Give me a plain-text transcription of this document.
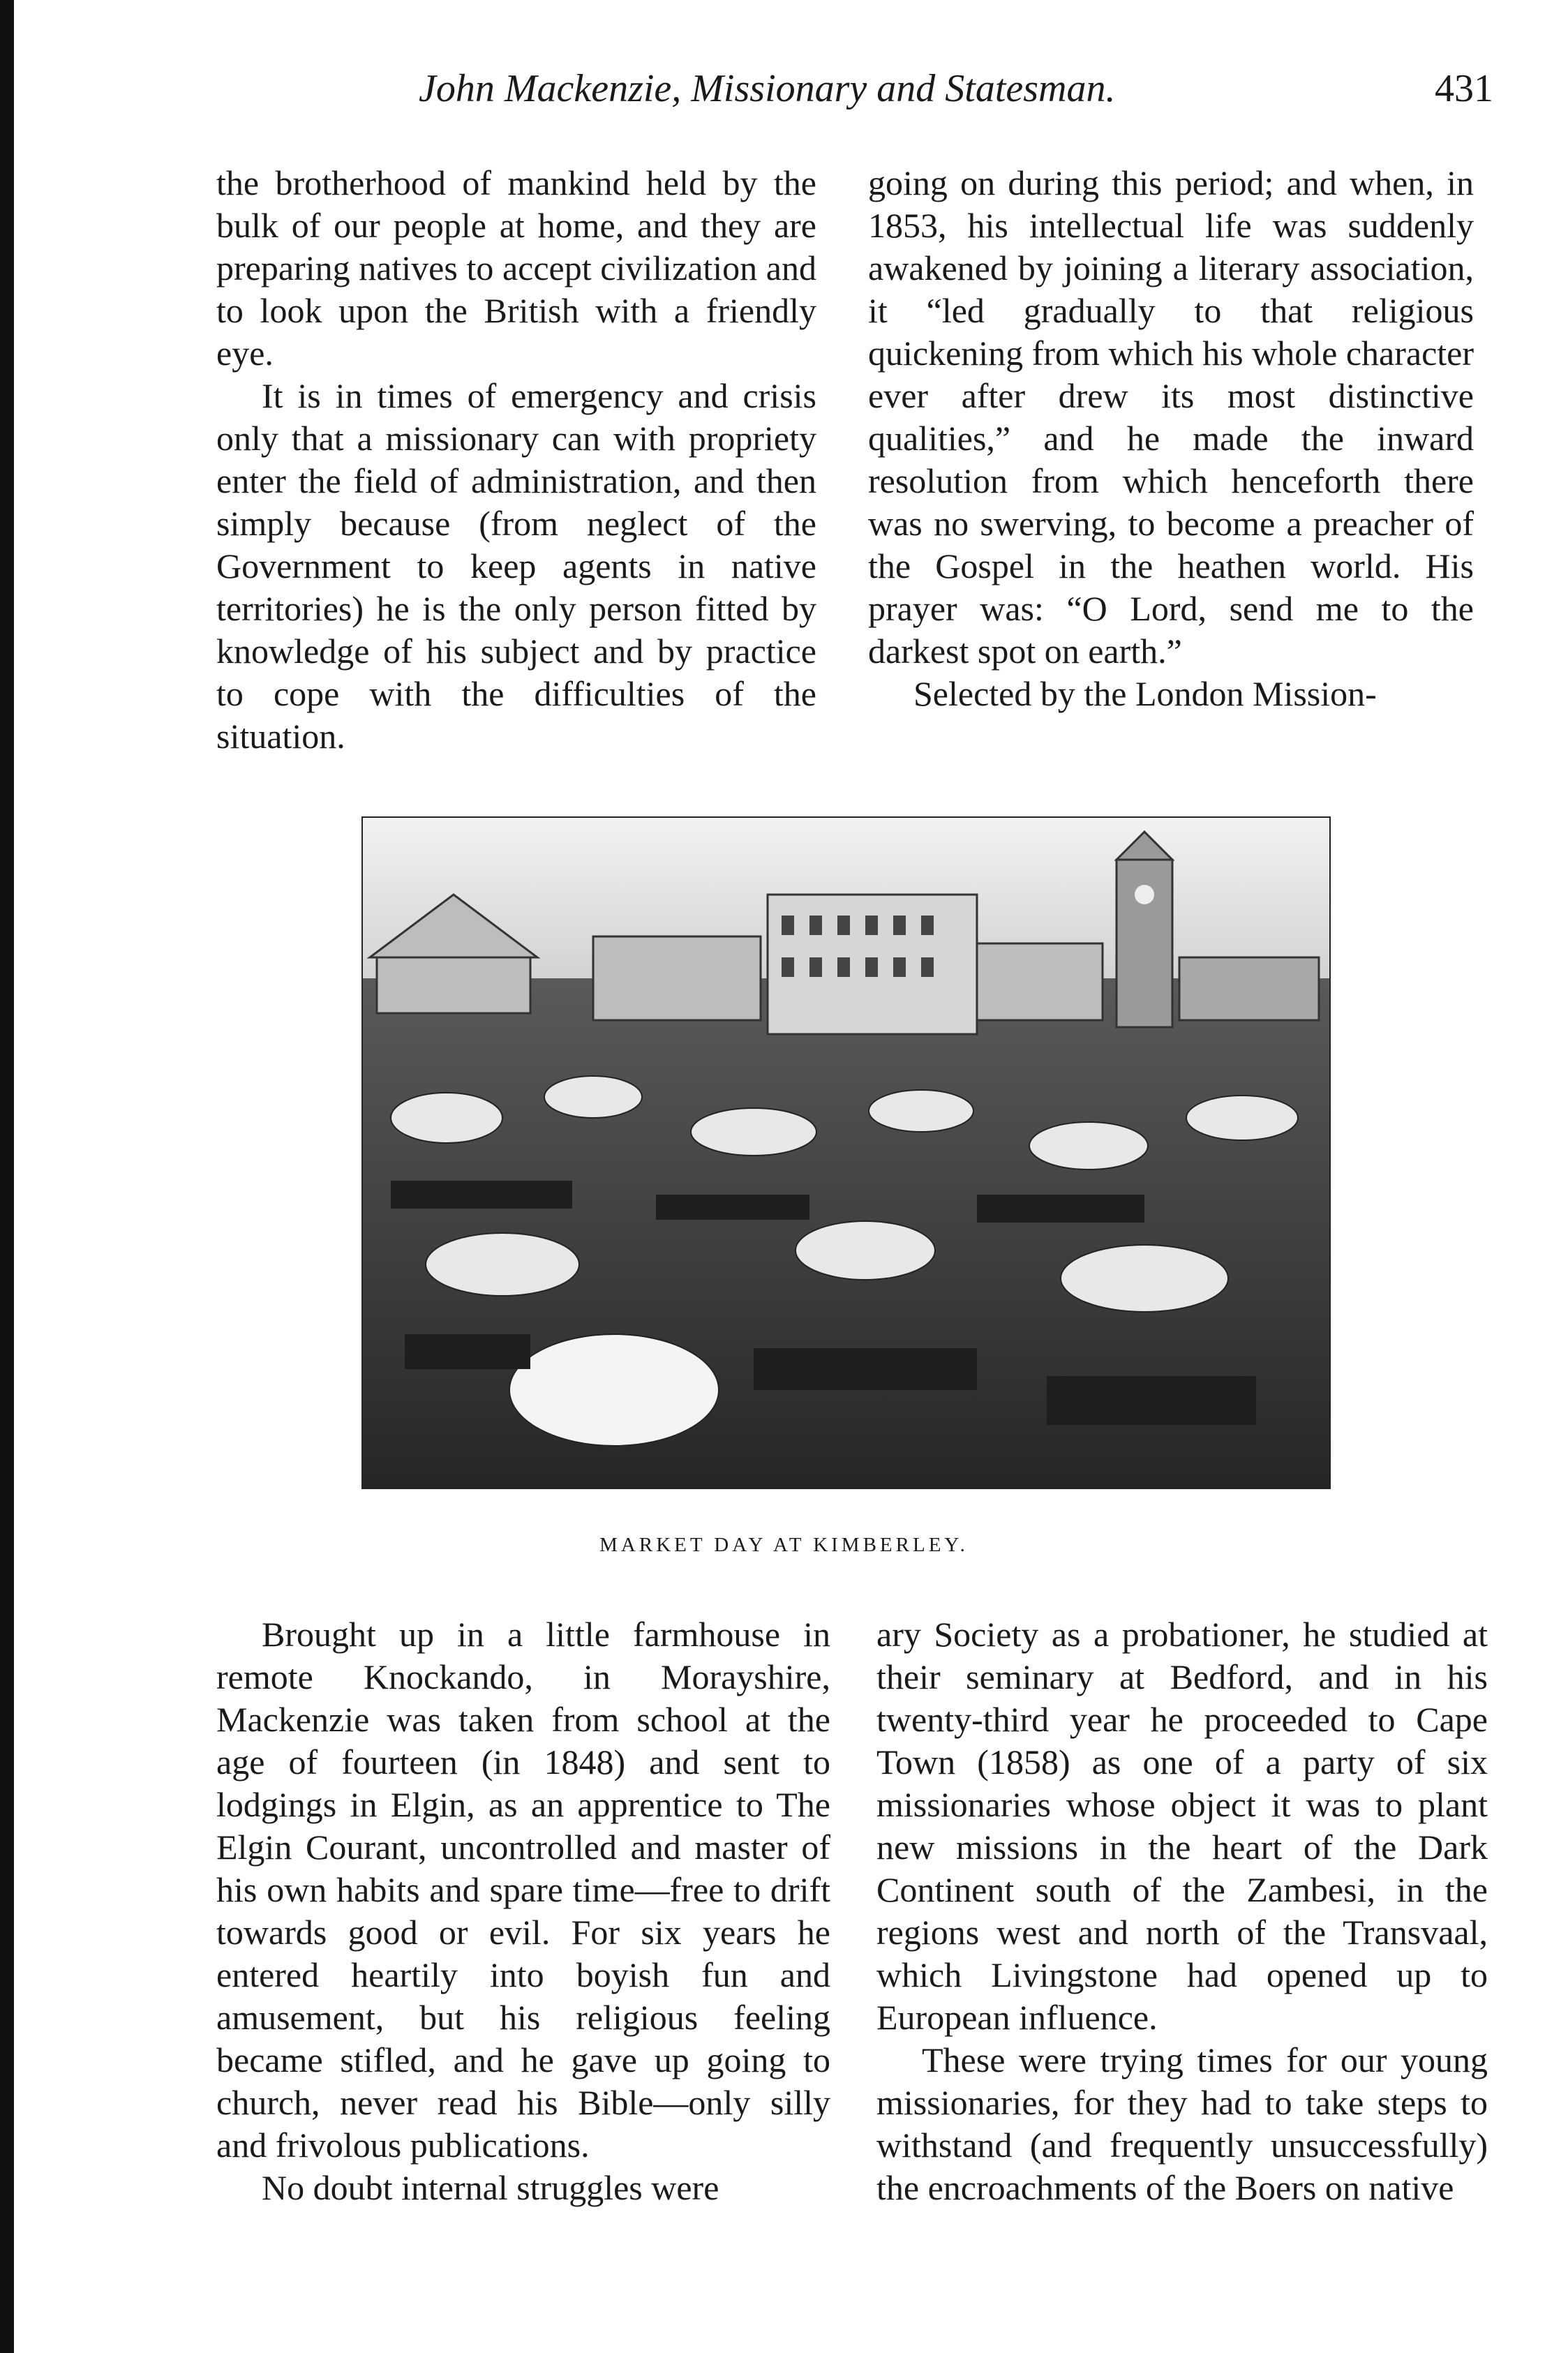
John Mackenzie, Missionary and Statesman.	431

the brotherhood of mankind held by the bulk of our people at home, and they are preparing natives to accept civilization and to look upon the British with a friendly eye.

It is in times of emergency and crisis only that a missionary can with propriety enter the field of administration, and then simply because (from neglect of the Government to keep agents in native territories) he is the only person fitted by knowledge of his subject and by practice to cope with the difficulties of the situation.

going on during this period; and when, in 1853, his intellectual life was suddenly awakened by joining a literary association, it “led gradually to that religious quickening from which his whole character ever after drew its most distinctive qualities,” and he made the inward resolution from which henceforth there was no swerving, to become a preacher of the Gospel in the heathen world. His prayer was: “O Lord, send me to the darkest spot on earth.”

Selected by the London Mission-

MARKET DAY AT KIMBERLEY.

Brought up in a little farmhouse in remote Knockando, in Morayshire, Mackenzie was taken from school at the age of fourteen (in 1848) and sent to lodgings in Elgin, as an apprentice to The Elgin Courant, uncontrolled and master of his own habits and spare time—free to drift towards good or evil. For six years he entered heartily into boyish fun and amusement, but his religious feeling became stifled, and he gave up going to church, never read his Bible—only silly and frivolous publications.

No doubt internal struggles were

ary Society as a probationer, he studied at their seminary at Bedford, and in his twenty-third year he proceeded to Cape Town (1858) as one of a party of six missionaries whose object it was to plant new missions in the heart of the Dark Continent south of the Zambesi, in the regions west and north of the Transvaal, which Livingstone had opened up to European influence.

These were trying times for our young missionaries, for they had to take steps to withstand (and frequently unsuccessfully) the encroachments of the Boers on native
